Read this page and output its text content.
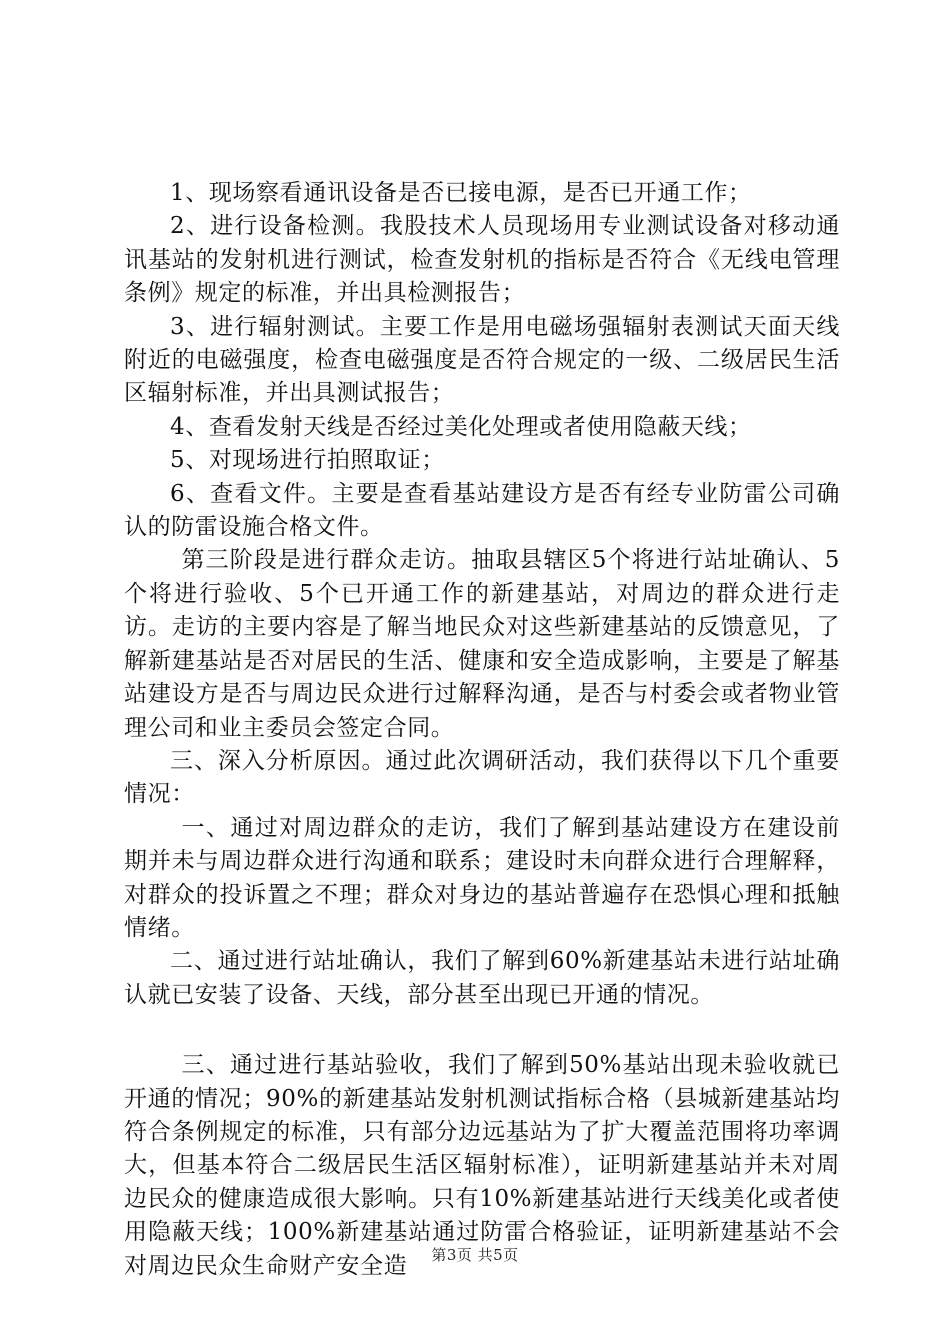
1、现场察看通讯设备是否已接电源，是否已开通工作；

2、进行设备检测。我股技术人员现场用专业测试设备对移动通讯基站的发射机进行测试，检查发射机的指标是否符合《无线电管理条例》规定的标准，并出具检测报告；

3、进行辐射测试。主要工作是用电磁场强辐射表测试天面天线附近的电磁强度，检查电磁强度是否符合规定的一级、二级居民生活区辐射标准，并出具测试报告；

4、查看发射天线是否经过美化处理或者使用隐蔽天线；

5、对现场进行拍照取证；

6、查看文件。主要是查看基站建设方是否有经专业防雷公司确认的防雷设施合格文件。

第三阶段是进行群众走访。抽取县辖区5个将进行站址确认、5个将进行验收、5个已开通工作的新建基站，对周边的群众进行走访。走访的主要内容是了解当地民众对这些新建基站的反馈意见，了解新建基站是否对居民的生活、健康和安全造成影响，主要是了解基站建设方是否与周边民众进行过解释沟通，是否与村委会或者物业管理公司和业主委员会签定合同。

三、深入分析原因。通过此次调研活动，我们获得以下几个重要情况：

一、通过对周边群众的走访，我们了解到基站建设方在建设前期并未与周边群众进行沟通和联系；建设时未向群众进行合理解释，对群众的投诉置之不理；群众对身边的基站普遍存在恐惧心理和抵触情绪。

二、通过进行站址确认，我们了解到60%新建基站未进行站址确认就已安装了设备、天线，部分甚至出现已开通的情况。

三、通过进行基站验收，我们了解到50%基站出现未验收就已开通的情况；90%的新建基站发射机测试指标合格（县城新建基站均符合条例规定的标准，只有部分边远基站为了扩大覆盖范围将功率调大，但基本符合二级居民生活区辐射标准），证明新建基站并未对周边民众的健康造成很大影响。只有10%新建基站进行天线美化或者使用隐蔽天线；100%新建基站通过防雷合格验证，证明新建基站不会对周边民众生命财产安全造	第3页 共5页
